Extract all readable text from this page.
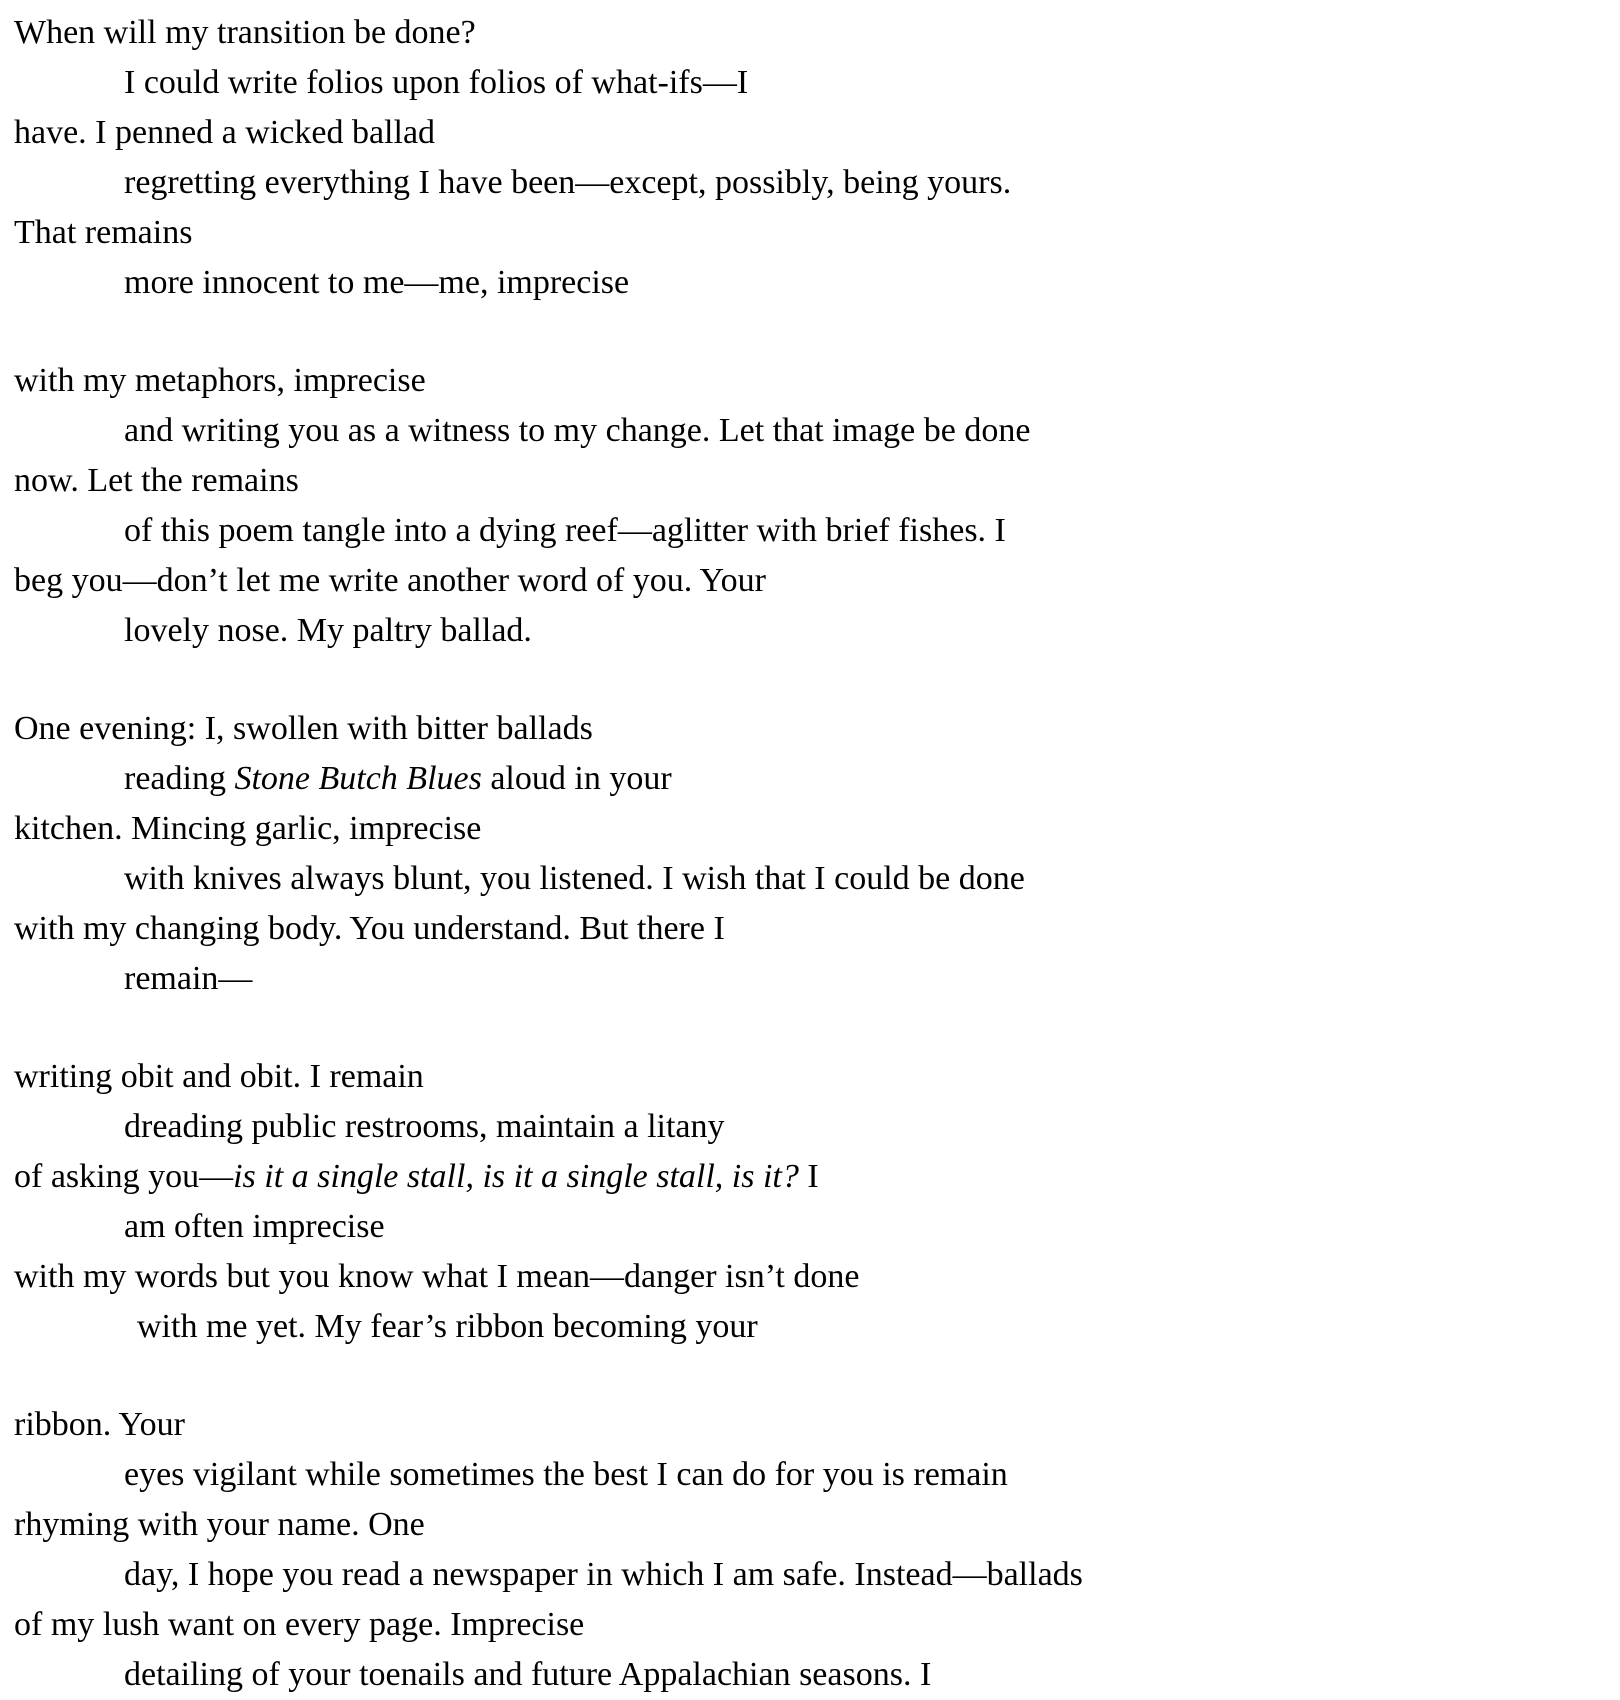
When will my transition be done?
I could write folios upon folios of what-ifs—I
have. I penned a wicked ballad
regretting everything I have been—except, possibly, being yours.
That remains
more innocent to me—me, imprecise
with my metaphors, imprecise
and writing you as a witness to my change. Let that image be done
now. Let the remains
of this poem tangle into a dying reef—aglitter with brief fishes. I
beg you—don’t let me write another word of you. Your
lovely nose. My paltry ballad.
One evening: I, swollen with bitter ballads
reading Stone Butch Blues aloud in your
kitchen. Mincing garlic, imprecise
with knives always blunt, you listened. I wish that I could be done
with my changing body. You understand. But there I
remain—
writing obit and obit. I remain
dreading public restrooms, maintain a litany
of asking you—is it a single stall, is it a single stall, is it? I
am often imprecise
with my words but you know what I mean—danger isn’t done
with me yet. My fear’s ribbon becoming your
ribbon. Your
eyes vigilant while sometimes the best I can do for you is remain
rhyming with your name. One
day, I hope you read a newspaper in which I am safe. Instead—ballads
of my lush want on every page. Imprecise
detailing of your toenails and future Appalachian seasons. I
